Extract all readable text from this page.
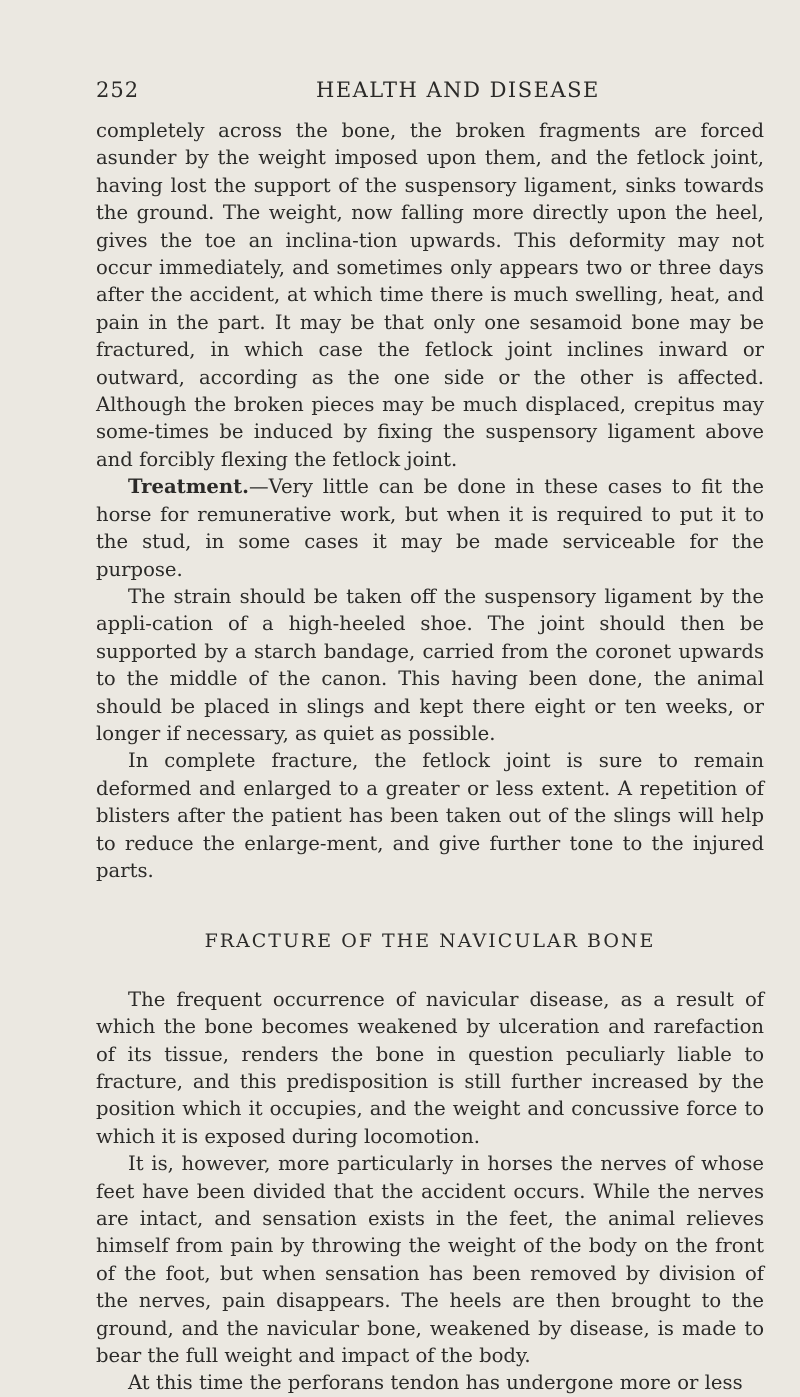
252	HEALTH AND DISEASE

completely across the bone, the broken fragments are forced asunder by the weight imposed upon them, and the fetlock joint, having lost the support of the suspensory ligament, sinks towards the ground. The weight, now falling more directly upon the heel, gives the toe an inclina-tion upwards. This deformity may not occur immediately, and sometimes only appears two or three days after the accident, at which time there is much swelling, heat, and pain in the part. It may be that only one sesamoid bone may be fractured, in which case the fetlock joint inclines inward or outward, according as the one side or the other is affected. Although the broken pieces may be much displaced, crepitus may some-times be induced by fixing the suspensory ligament above and forcibly flexing the fetlock joint.

Treatment.—Very little can be done in these cases to fit the horse for remunerative work, but when it is required to put it to the stud, in some cases it may be made serviceable for the purpose.

The strain should be taken off the suspensory ligament by the appli-cation of a high-heeled shoe. The joint should then be supported by a starch bandage, carried from the coronet upwards to the middle of the canon. This having been done, the animal should be placed in slings and kept there eight or ten weeks, or longer if necessary, as quiet as possible.

In complete fracture, the fetlock joint is sure to remain deformed and enlarged to a greater or less extent. A repetition of blisters after the patient has been taken out of the slings will help to reduce the enlarge-ment, and give further tone to the injured parts.

FRACTURE OF THE NAVICULAR BONE

The frequent occurrence of navicular disease, as a result of which the bone becomes weakened by ulceration and rarefaction of its tissue, renders the bone in question peculiarly liable to fracture, and this predisposition is still further increased by the position which it occupies, and the weight and concussive force to which it is exposed during locomotion.

It is, however, more particularly in horses the nerves of whose feet have been divided that the accident occurs. While the nerves are intact, and sensation exists in the feet, the animal relieves himself from pain by throwing the weight of the body on the front of the foot, but when sensation has been removed by division of the nerves, pain disappears. The heels are then brought to the ground, and the navicular bone, weakened by disease, is made to bear the full weight and impact of the body.

At this time the perforans tendon has undergone more or less
